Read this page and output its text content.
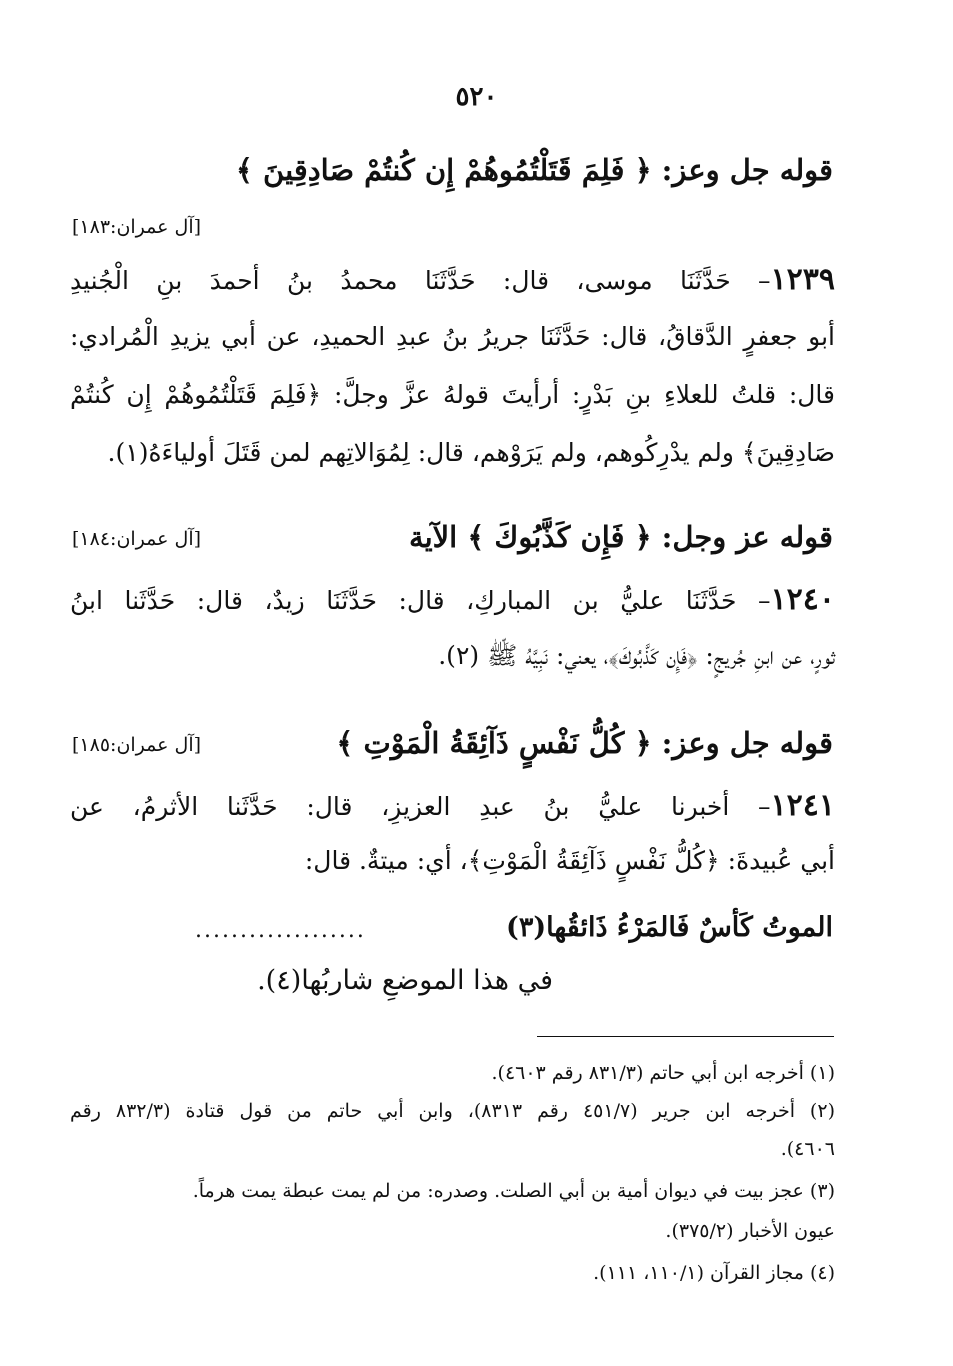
٥٢٠
قوله جل وعز: ﴿ فَلِمَ قَتَلْتُمُوهُمْ إِن كُنتُمْ صَادِقِينَ ﴾
[آل عمران:١٨٣]
١٢٣٩– حَدَّثَنَا موسى، قال: حَدَّثَنَا محمدُ بنُ أحمدَ بنِ الْجُنيدِ
أبو جعفرٍ الدَّقاقُ، قال: حَدَّثَنَا جريرُ بنُ عبدِ الحميدِ، عن أبي يزيدِ الْمُرادي:
قال: قلتُ للعلاءِ بنِ بَدْرٍ: أرأيتَ قولهُ عزَّ وجلَّ: ﴿فَلِمَ قَتَلْتُمُوهُمْ إِن كُنتُمْ
صَادِقِينَ﴾ ولم يدْرِكُوهم، ولم يَرَوْهم، قال: لِمُوَالاتِهم لمن قَتَلَ أولياءَهُ(١).
قوله عز وجل: ﴿ فَإِن كَذَّبُوكَ ﴾ الآية
[آل عمران:١٨٤]
١٢٤٠– حَدَّثَنَا عليُّ بن المباركِ، قال: حَدَّثَنَا زيدٌ، قال: حَدَّثَنا ابنُ
ثورٍ، عن ابنِ جُريجٍ: ﴿فَإِن كَذَّبُوكَ﴾، يعني: نَبِيَّهُ ﷺ (٢).
قوله جل وعز: ﴿ كُلُّ نَفْسٍ ذَآئِقَةُ الْمَوْتِ ﴾
[آل عمران:١٨٥]
١٢٤١– أخبرنا عليُّ بنُ عبدِ العزيزِ، قال: حَدَّثَنا الأثرمُ، عن
أبي عُبيدةَ: ﴿كُلُّ نَفْسٍ ذَآئِقَةُ الْمَوْتِ﴾، أي: ميتةٌ. قال:
الموتُ كَأسٌ فَالمَرْءُ ذَائقُها(٣)
...................
في هذا الموضعِ شاربُها(٤).
(١) أخرجه ابن أبي حاتم (٨٣١/٣ رقم ٤٦٠٣).
(٢) أخرجه ابن جرير (٤٥١/٧ رقم ٨٣١٣)، وابن أبي حاتم من قول قتادة (٨٣٢/٣ رقم
٤٦٠٦).
(٣) عجز بيت في ديوان أمية بن أبي الصلت. وصدره: من لم يمت عبطة يمت هرماً.
عيون الأخبار (٣٧٥/٢).
(٤) مجاز القرآن (١١٠/١، ١١١).
